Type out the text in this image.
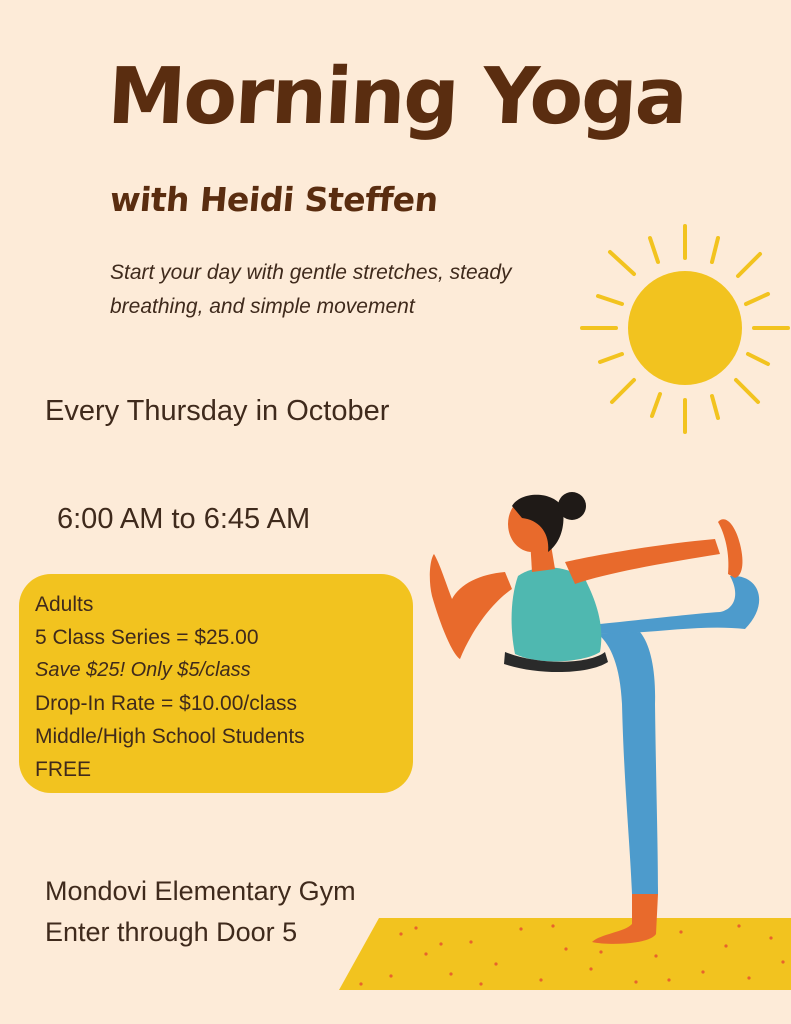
Morning Yoga
with Heidi Steffen
Start your day with gentle stretches, steady breathing, and simple movement
Every Thursday in October
6:00 AM to 6:45 AM
Adults
5 Class Series = $25.00
Save $25! Only $5/class
Drop-In Rate = $10.00/class
Middle/High School Students
FREE
Mondovi Elementary Gym
Enter through Door 5
